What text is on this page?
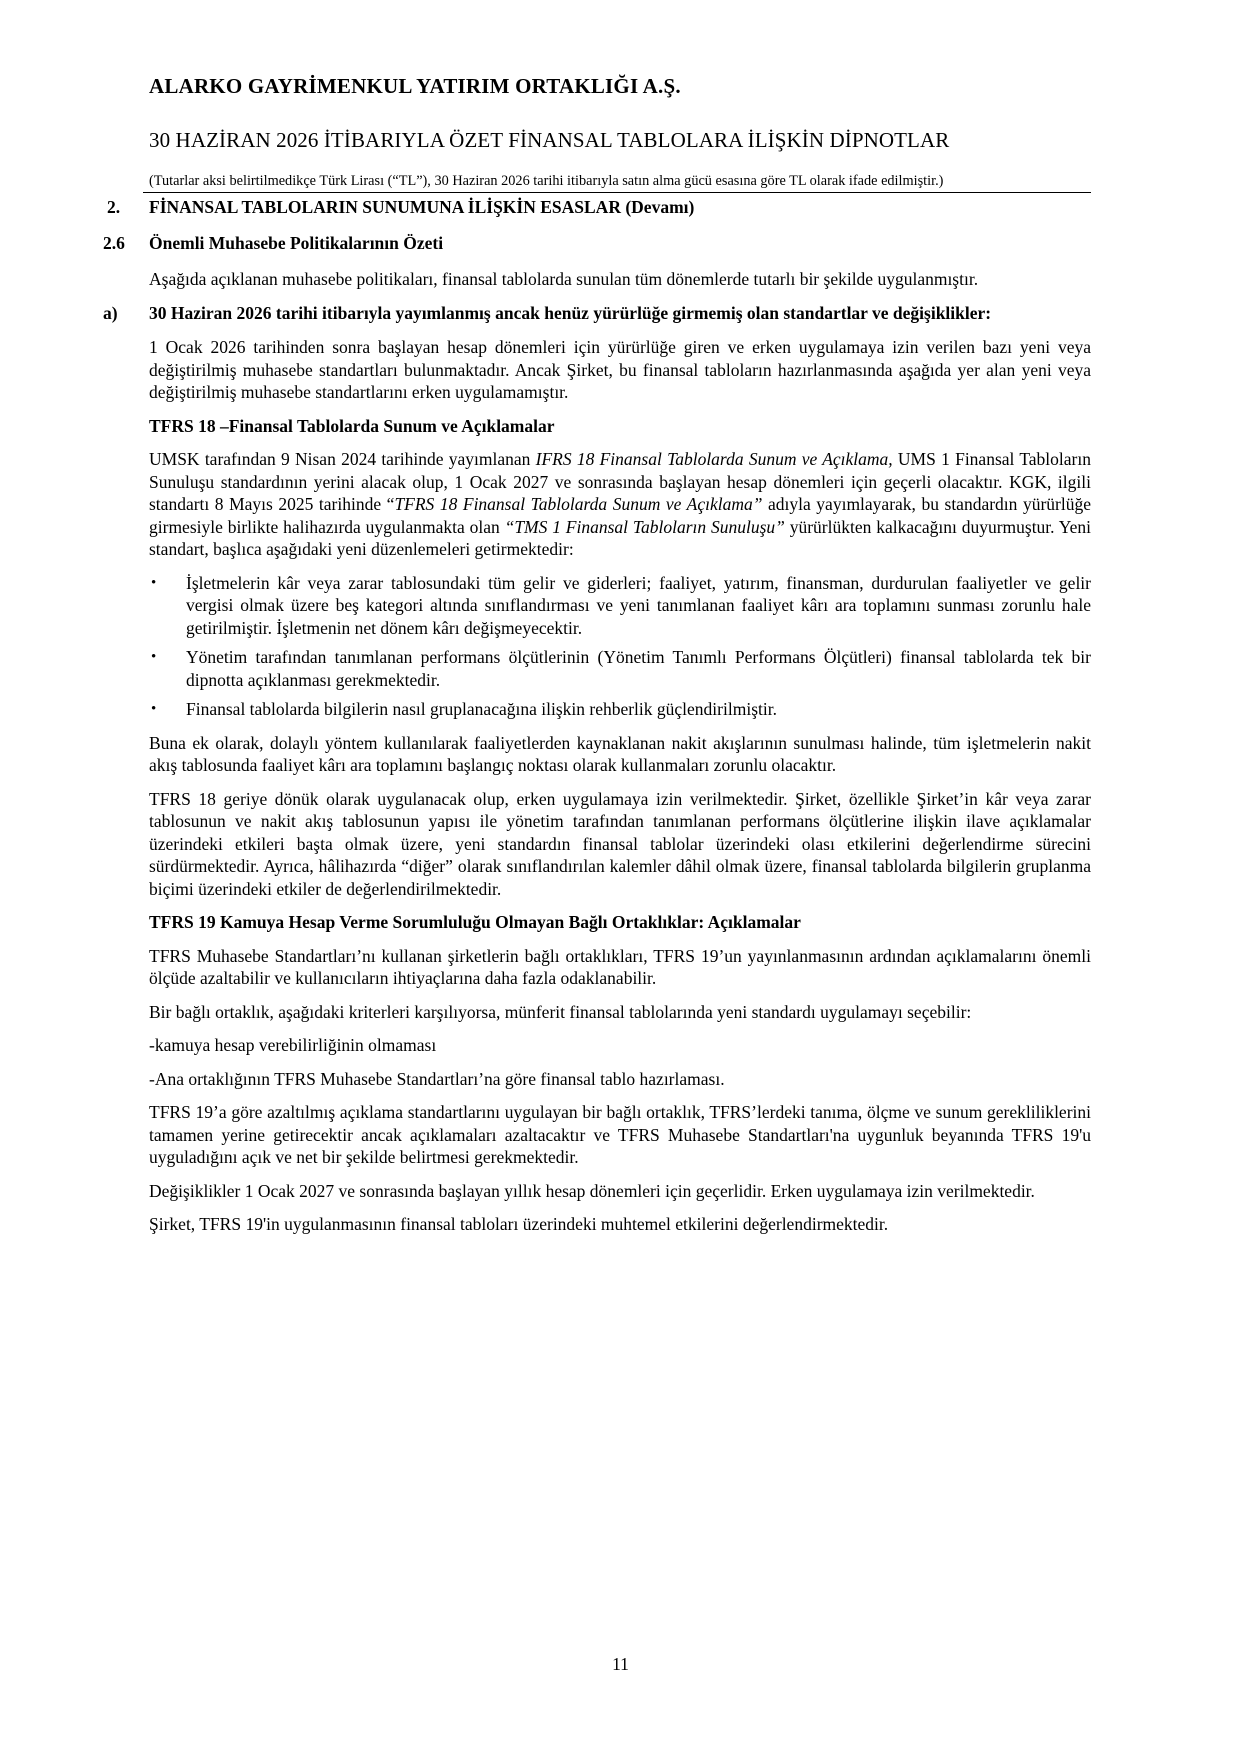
ALARKO GAYRİMENKUL YATIRIM ORTAKLIĞI A.Ş.
30 HAZİRAN 2026 İTİBARIYLA ÖZET FİNANSAL TABLOLARA İLİŞKİN DİPNOTLAR
(Tutarlar aksi belirtilmedikçe Türk Lirası (“TL”), 30 Haziran 2026 tarihi itibarıyla satın alma gücü esasına göre TL olarak ifade edilmiştir.)
2. FİNANSAL TABLOLARIN SUNUMUNA İLİŞKİN ESASLAR (Devamı)
2.6 Önemli Muhasebe Politikalarının Özeti

Aşağıda açıklanan muhasebe politikaları, finansal tablolarda sunulan tüm dönemlerde tutarlı bir şekilde uygulanmıştır.

a) 30 Haziran 2026 tarihi itibarıyla yayımlanmış ancak henüz yürürlüğe girmemiş olan standartlar ve değişiklikler:

1 Ocak 2026 tarihinden sonra başlayan hesap dönemleri için yürürlüğe giren ve erken uygulamaya izin verilen bazı yeni veya değiştirilmiş muhasebe standartları bulunmaktadır. Ancak Şirket, bu finansal tabloların hazırlanmasında aşağıda yer alan yeni veya değiştirilmiş muhasebe standartlarını erken uygulamamıştır.

TFRS 18 –Finansal Tablolarda Sunum ve Açıklamalar

UMSK tarafından 9 Nisan 2024 tarihinde yayımlanan IFRS 18 Finansal Tablolarda Sunum ve Açıklama, UMS 1 Finansal Tabloların Sunuluşu standardının yerini alacak olup, 1 Ocak 2027 ve sonrasında başlayan hesap dönemleri için geçerli olacaktır. KGK, ilgili standartı 8 Mayıs 2025 tarihinde “TFRS 18 Finansal Tablolarda Sunum ve Açıklama” adıyla yayımlayarak, bu standardın yürürlüğe girmesiyle birlikte halihazırda uygulanmakta olan “TMS 1 Finansal Tabloların Sunuluşu” yürürlükten kalkacağını duyurmuştur. Yeni standart, başlıca aşağıdaki yeni düzenlemeleri getirmektedir:

• İşletmelerin kâr veya zarar tablosundaki tüm gelir ve giderleri; faaliyet, yatırım, finansman, durdurulan faaliyetler ve gelir vergisi olmak üzere beş kategori altında sınıflandırması ve yeni tanımlanan faaliyet kârı ara toplamını sunması zorunlu hale getirilmiştir. İşletmenin net dönem kârı değişmeyecektir.
• Yönetim tarafından tanımlanan performans ölçütlerinin (Yönetim Tanımlı Performans Ölçütleri) finansal tablolarda tek bir dipnotta açıklanması gerekmektedir.
• Finansal tablolarda bilgilerin nasıl gruplanacağına ilişkin rehberlik güçlendirilmiştir.

Buna ek olarak, dolaylı yöntem kullanılarak faaliyetlerden kaynaklanan nakit akışlarının sunulması halinde, tüm işletmelerin nakit akış tablosunda faaliyet kârı ara toplamını başlangıç noktası olarak kullanmaları zorunlu olacaktır.

TFRS 18 geriye dönük olarak uygulanacak olup, erken uygulamaya izin verilmektedir. Şirket, özellikle Şirket’in kâr veya zarar tablosunun ve nakit akış tablosunun yapısı ile yönetim tarafından tanımlanan performans ölçütlerine ilişkin ilave açıklamalar üzerindeki etkileri başta olmak üzere, yeni standardın finansal tablolar üzerindeki olası etkilerini değerlendirme sürecini sürdürmektedir. Ayrıca, hâlihazırda “diğer” olarak sınıflandırılan kalemler dâhil olmak üzere, finansal tablolarda bilgilerin gruplanma biçimi üzerindeki etkiler de değerlendirilmektedir.

TFRS 19 Kamuya Hesap Verme Sorumluluğu Olmayan Bağlı Ortaklıklar: Açıklamalar

TFRS Muhasebe Standartları’nı kullanan şirketlerin bağlı ortaklıkları, TFRS 19’un yayınlanmasının ardından açıklamalarını önemli ölçüde azaltabilir ve kullanıcıların ihtiyaçlarına daha fazla odaklanabilir.

Bir bağlı ortaklık, aşağıdaki kriterleri karşılıyorsa, münferit finansal tablolarında yeni standardı uygulamayı seçebilir:

-kamuya hesap verebilirliğinin olmaması

-Ana ortaklığının TFRS Muhasebe Standartları’na göre finansal tablo hazırlaması.

TFRS 19’a göre azaltılmış açıklama standartlarını uygulayan bir bağlı ortaklık, TFRS’lerdeki tanıma, ölçme ve sunum gerekliliklerini tamamen yerine getirecektir ancak açıklamaları azaltacaktır ve TFRS Muhasebe Standartları'na uygunluk beyanında TFRS 19'u uyguladığını açık ve net bir şekilde belirtmesi gerekmektedir.

Değişiklikler 1 Ocak 2027 ve sonrasında başlayan yıllık hesap dönemleri için geçerlidir. Erken uygulamaya izin verilmektedir.

Şirket, TFRS 19'in uygulanmasının finansal tabloları üzerindeki muhtemel etkilerini değerlendirmektedir.

11
